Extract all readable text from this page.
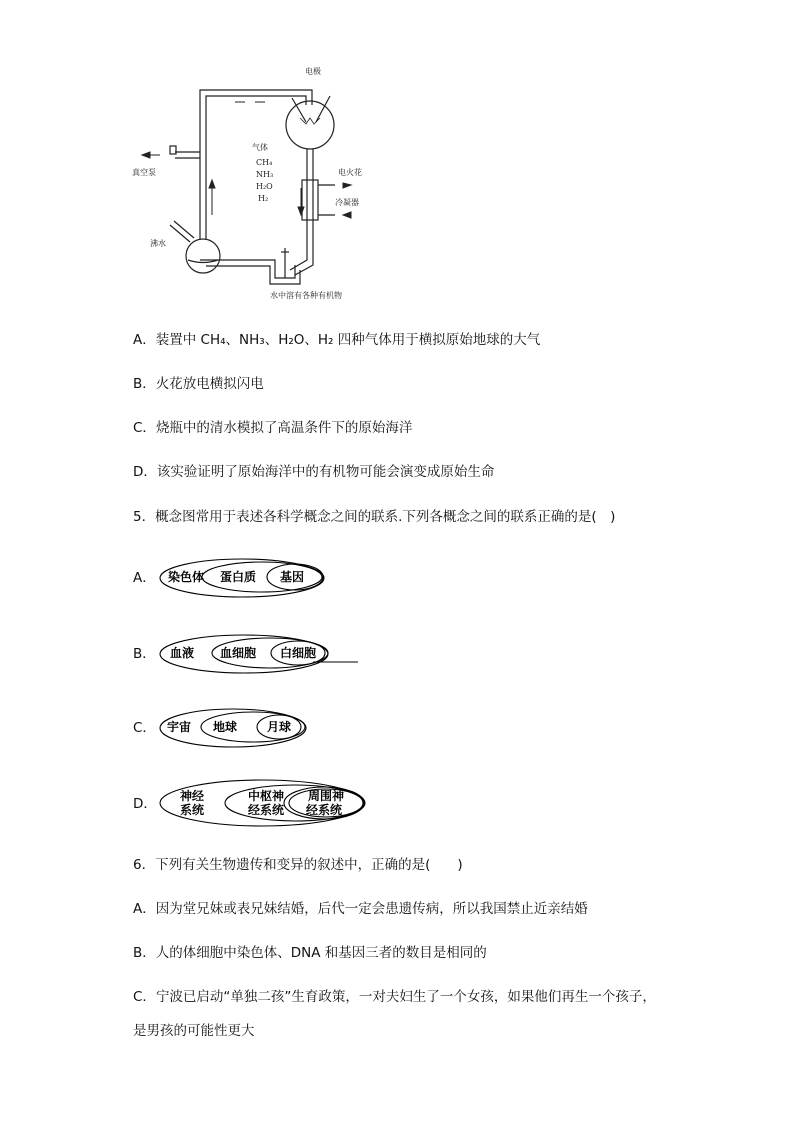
电极
真空泵
气体
CH₄
NH₃
H₂O
H₂
电火花
冷凝器
沸水
水中溶有各种有机物
A．装置中 CH₄、NH₃、H₂O、H₂ 四种气体用于横拟原始地球的大气
B．火花放电横拟闪电
C．烧瓶中的清水模拟了高温条件下的原始海洋
D．该实验证明了原始海洋中的有机物可能会演变成原始生命
5．概念图常用于表述各科学概念之间的联系.下列各概念之间的联系正确的是(　)
A． 染色体 蛋白质 基因
B． 血液 血细胞 白细胞
C． 宇宙 地球 月球
D． 神经
系统
中枢神
经系统
周围神
经系统
6．下列有关生物遗传和变异的叙述中，正确的是(　　)
A．因为堂兄妹或表兄妹结婚，后代一定会患遗传病，所以我国禁止近亲结婚
B．人的体细胞中染色体、DNA 和基因三者的数目是相同的
C．宁波已启动“单独二孩”生育政策，一对夫妇生了一个女孩，如果他们再生一个孩子，
是男孩的可能性更大
